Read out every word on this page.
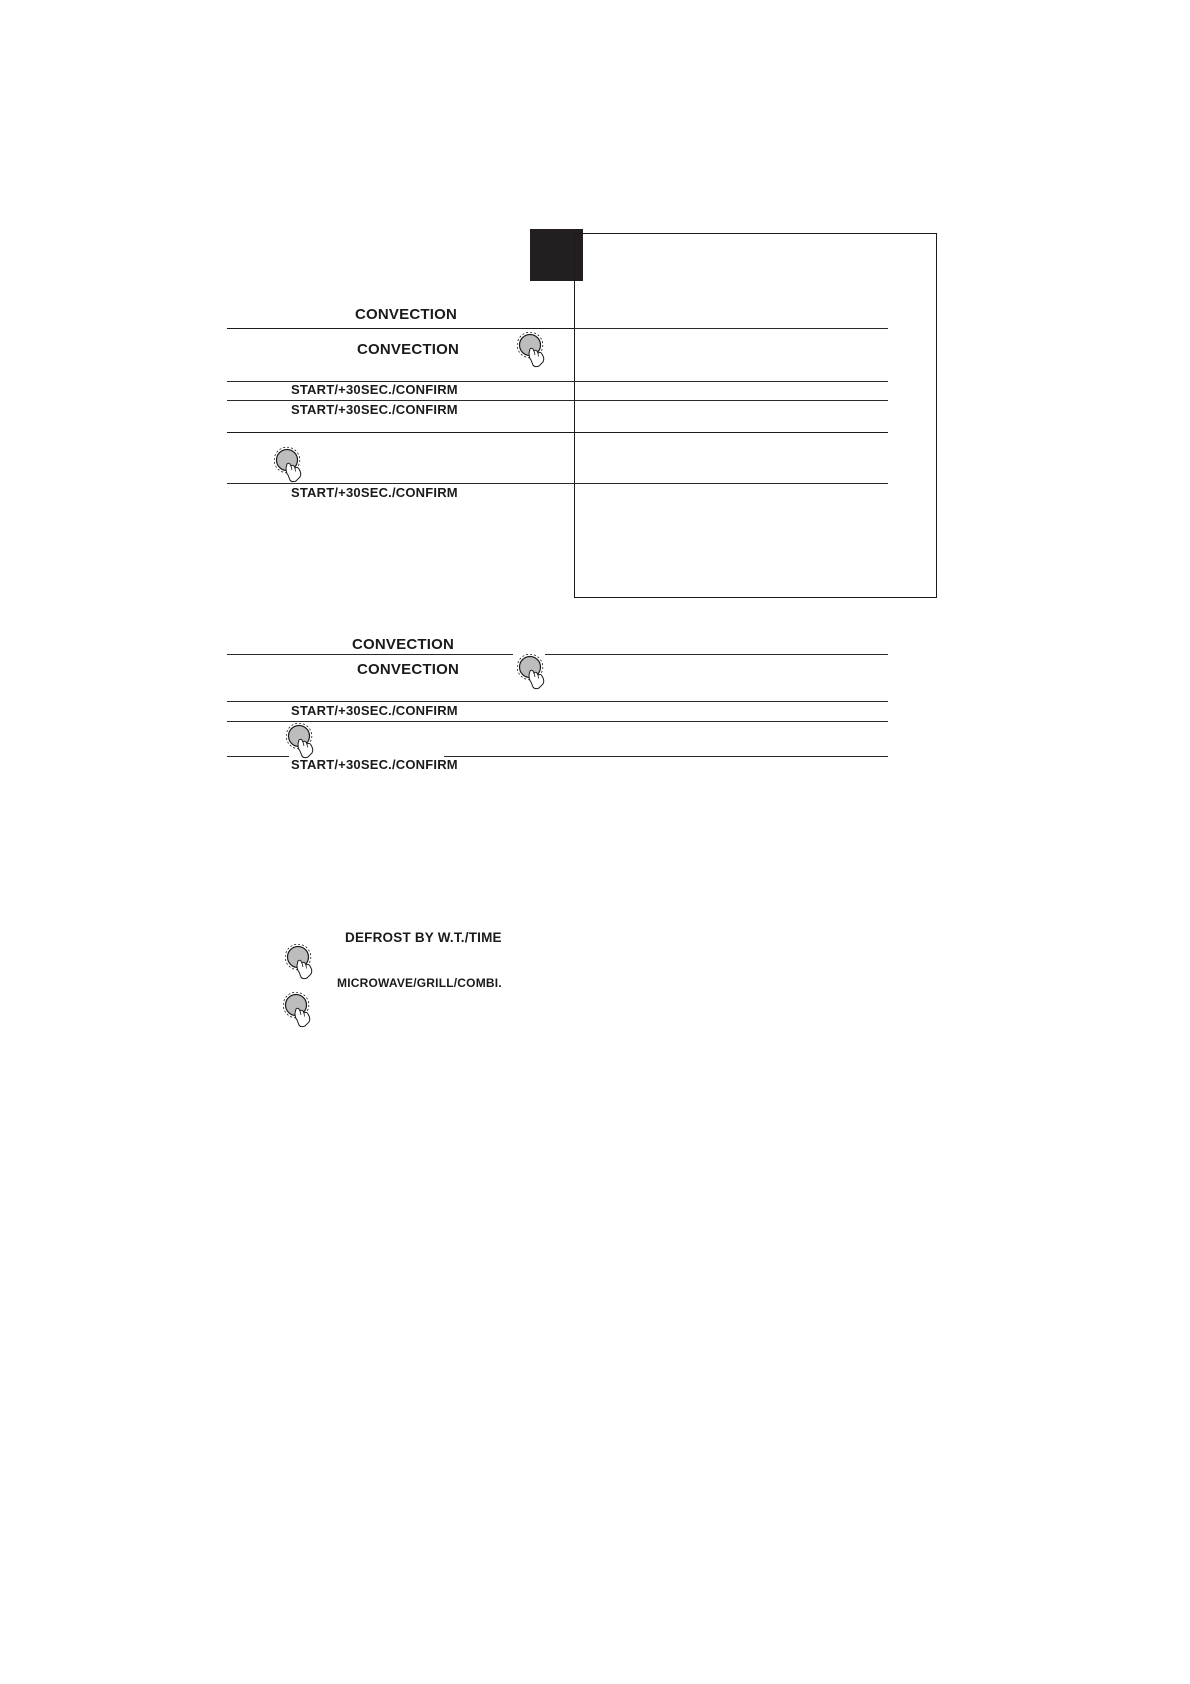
CONVECTION
CONVECTION
START/+30SEC./CONFIRM
START/+30SEC./CONFIRM
START/+30SEC./CONFIRM
CONVECTION
CONVECTION
START/+30SEC./CONFIRM
START/+30SEC./CONFIRM
DEFROST BY W.T./TIME
MICROWAVE/GRILL/COMBI.
